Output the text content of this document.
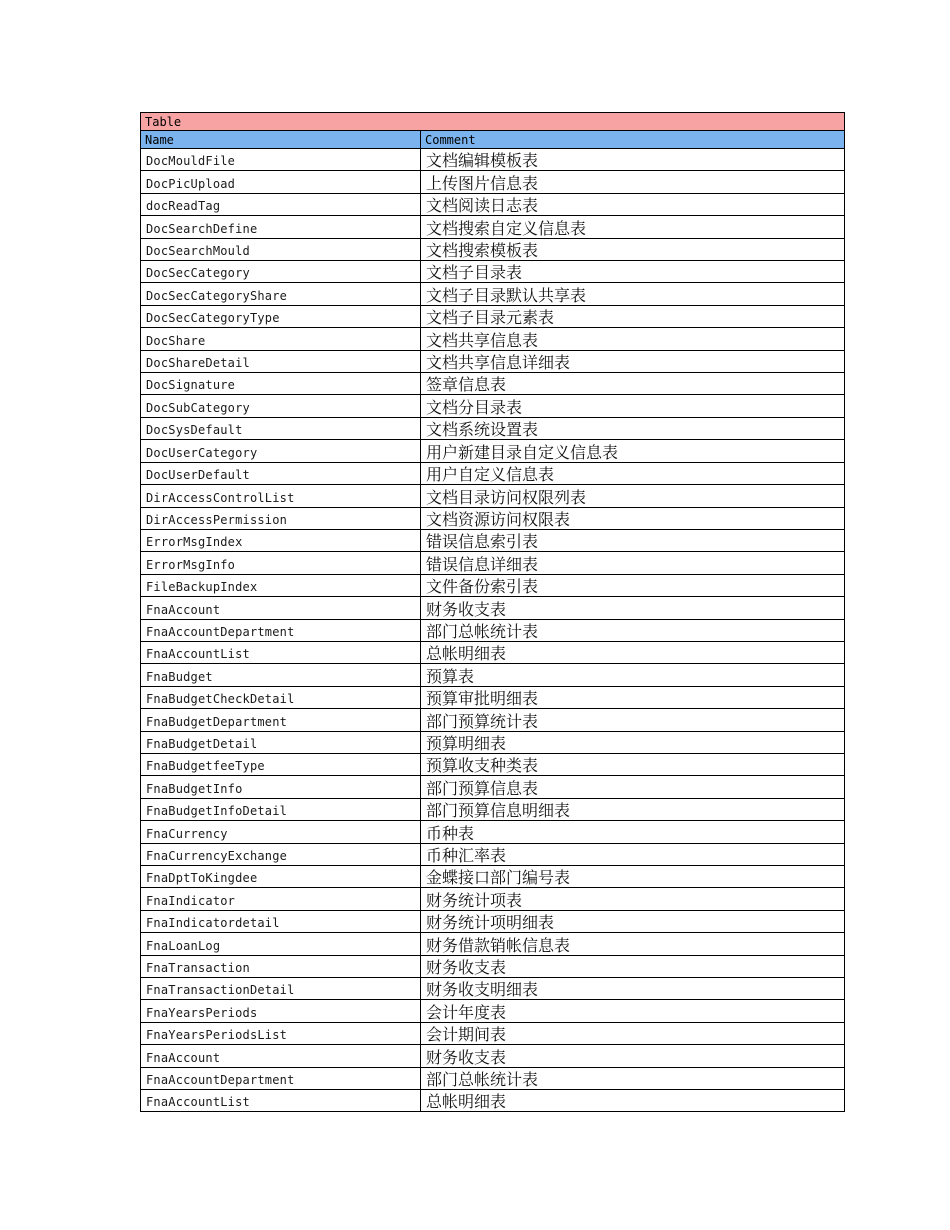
Table	
Name	Comment
DocMouldFile	文档编辑模板表
DocPicUpload	上传图片信息表
docReadTag	文档阅读日志表
DocSearchDefine	文档搜索自定义信息表
DocSearchMould	文档搜索模板表
DocSecCategory	文档子目录表
DocSecCategoryShare	文档子目录默认共享表
DocSecCategoryType	文档子目录元素表
DocShare	文档共享信息表
DocShareDetail	文档共享信息详细表
DocSignature	签章信息表
DocSubCategory	文档分目录表
DocSysDefault	文档系统设置表
DocUserCategory	用户新建目录自定义信息表
DocUserDefault	用户自定义信息表
DirAccessControlList	文档目录访问权限列表
DirAccessPermission	文档资源访问权限表
ErrorMsgIndex	错误信息索引表
ErrorMsgInfo	错误信息详细表
FileBackupIndex	文件备份索引表
FnaAccount	财务收支表
FnaAccountDepartment	部门总帐统计表
FnaAccountList	总帐明细表
FnaBudget	预算表
FnaBudgetCheckDetail	预算审批明细表
FnaBudgetDepartment	部门预算统计表
FnaBudgetDetail	预算明细表
FnaBudgetfeeType	预算收支种类表
FnaBudgetInfo	部门预算信息表
FnaBudgetInfoDetail	部门预算信息明细表
FnaCurrency	币种表
FnaCurrencyExchange	币种汇率表
FnaDptToKingdee	金蝶接口部门编号表
FnaIndicator	财务统计项表
FnaIndicatordetail	财务统计项明细表
FnaLoanLog	财务借款销帐信息表
FnaTransaction	财务收支表
FnaTransactionDetail	财务收支明细表
FnaYearsPeriods	会计年度表
FnaYearsPeriodsList	会计期间表
FnaAccount	财务收支表
FnaAccountDepartment	部门总帐统计表
FnaAccountList	总帐明细表
